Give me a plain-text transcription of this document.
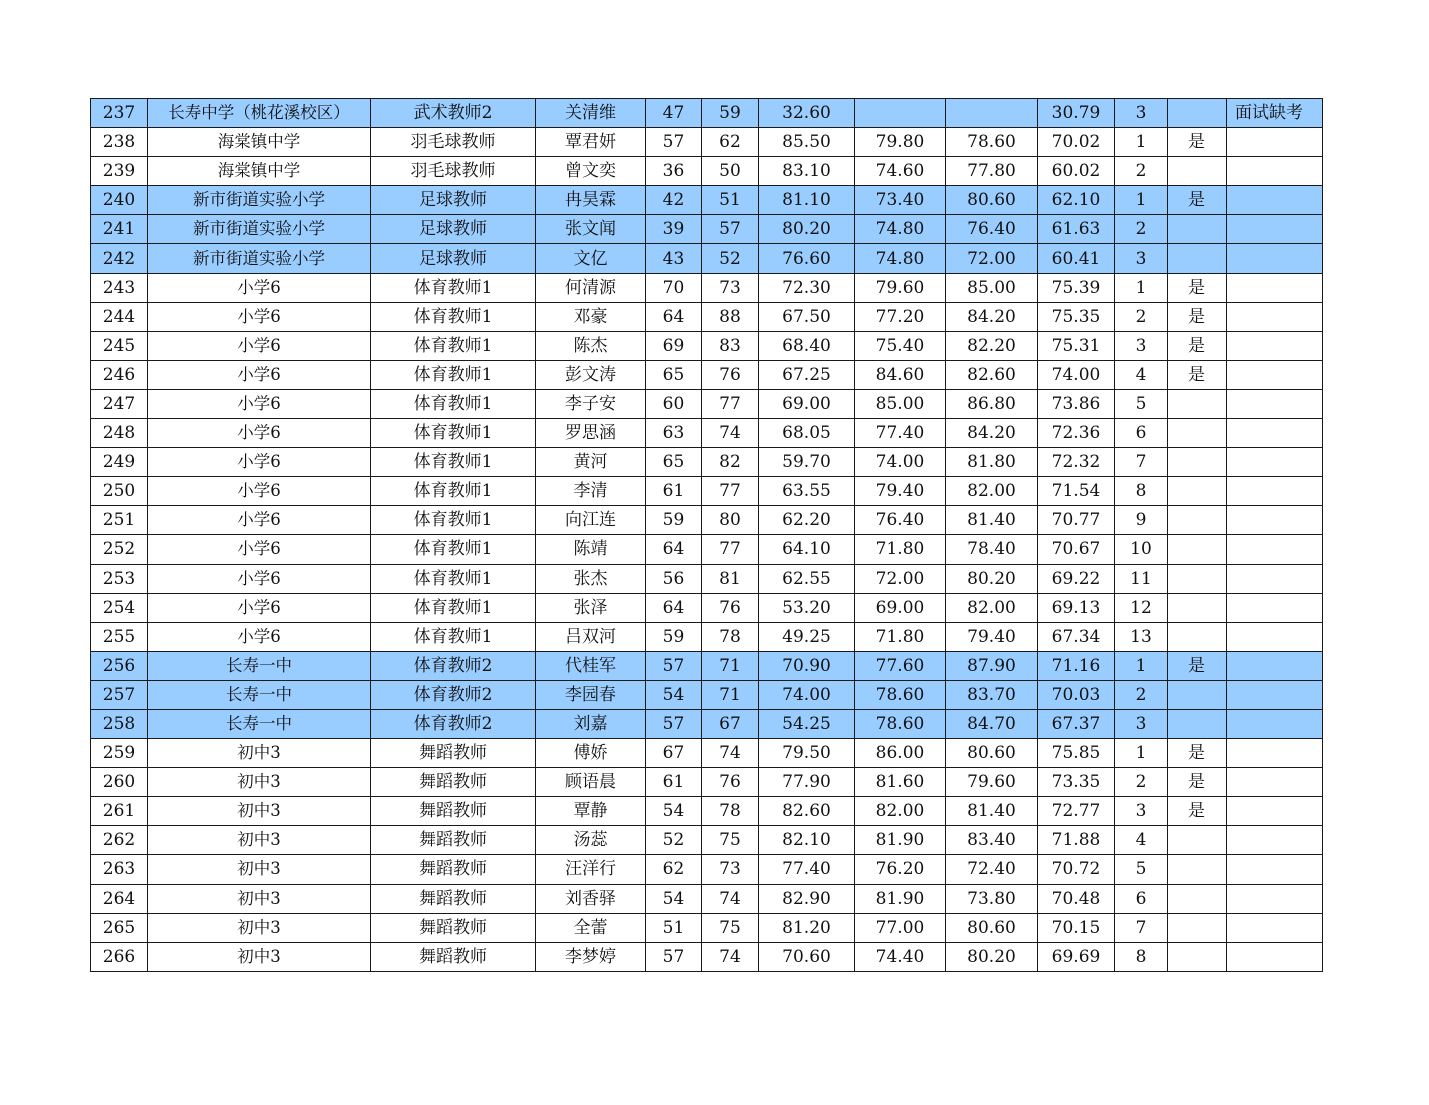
237	长寿中学（桃花溪校区）	武术教师2	关清维	47	59	32.60			30.79	3		面试缺考
238	海棠镇中学	羽毛球教师	覃君妍	57	62	85.50	79.80	78.60	70.02	1	是	
239	海棠镇中学	羽毛球教师	曾文奕	36	50	83.10	74.60	77.80	60.02	2		
240	新市街道实验小学	足球教师	冉昊霖	42	51	81.10	73.40	80.60	62.10	1	是	
241	新市街道实验小学	足球教师	张文闻	39	57	80.20	74.80	76.40	61.63	2		
242	新市街道实验小学	足球教师	文亿	43	52	76.60	74.80	72.00	60.41	3		
243	小学6	体育教师1	何清源	70	73	72.30	79.60	85.00	75.39	1	是	
244	小学6	体育教师1	邓豪	64	88	67.50	77.20	84.20	75.35	2	是	
245	小学6	体育教师1	陈杰	69	83	68.40	75.40	82.20	75.31	3	是	
246	小学6	体育教师1	彭文涛	65	76	67.25	84.60	82.60	74.00	4	是	
247	小学6	体育教师1	李子安	60	77	69.00	85.00	86.80	73.86	5		
248	小学6	体育教师1	罗思涵	63	74	68.05	77.40	84.20	72.36	6		
249	小学6	体育教师1	黄河	65	82	59.70	74.00	81.80	72.32	7		
250	小学6	体育教师1	李清	61	77	63.55	79.40	82.00	71.54	8		
251	小学6	体育教师1	向江连	59	80	62.20	76.40	81.40	70.77	9		
252	小学6	体育教师1	陈靖	64	77	64.10	71.80	78.40	70.67	10		
253	小学6	体育教师1	张杰	56	81	62.55	72.00	80.20	69.22	11		
254	小学6	体育教师1	张泽	64	76	53.20	69.00	82.00	69.13	12		
255	小学6	体育教师1	吕双河	59	78	49.25	71.80	79.40	67.34	13		
256	长寿一中	体育教师2	代桂军	57	71	70.90	77.60	87.90	71.16	1	是	
257	长寿一中	体育教师2	李园春	54	71	74.00	78.60	83.70	70.03	2		
258	长寿一中	体育教师2	刘嘉	57	67	54.25	78.60	84.70	67.37	3		
259	初中3	舞蹈教师	傅娇	67	74	79.50	86.00	80.60	75.85	1	是	
260	初中3	舞蹈教师	顾语晨	61	76	77.90	81.60	79.60	73.35	2	是	
261	初中3	舞蹈教师	覃静	54	78	82.60	82.00	81.40	72.77	3	是	
262	初中3	舞蹈教师	汤蕊	52	75	82.10	81.90	83.40	71.88	4		
263	初中3	舞蹈教师	汪洋行	62	73	77.40	76.20	72.40	70.72	5		
264	初中3	舞蹈教师	刘香驿	54	74	82.90	81.90	73.80	70.48	6		
265	初中3	舞蹈教师	全蕾	51	75	81.20	77.00	80.60	70.15	7		
266	初中3	舞蹈教师	李梦婷	57	74	70.60	74.40	80.20	69.69	8		
